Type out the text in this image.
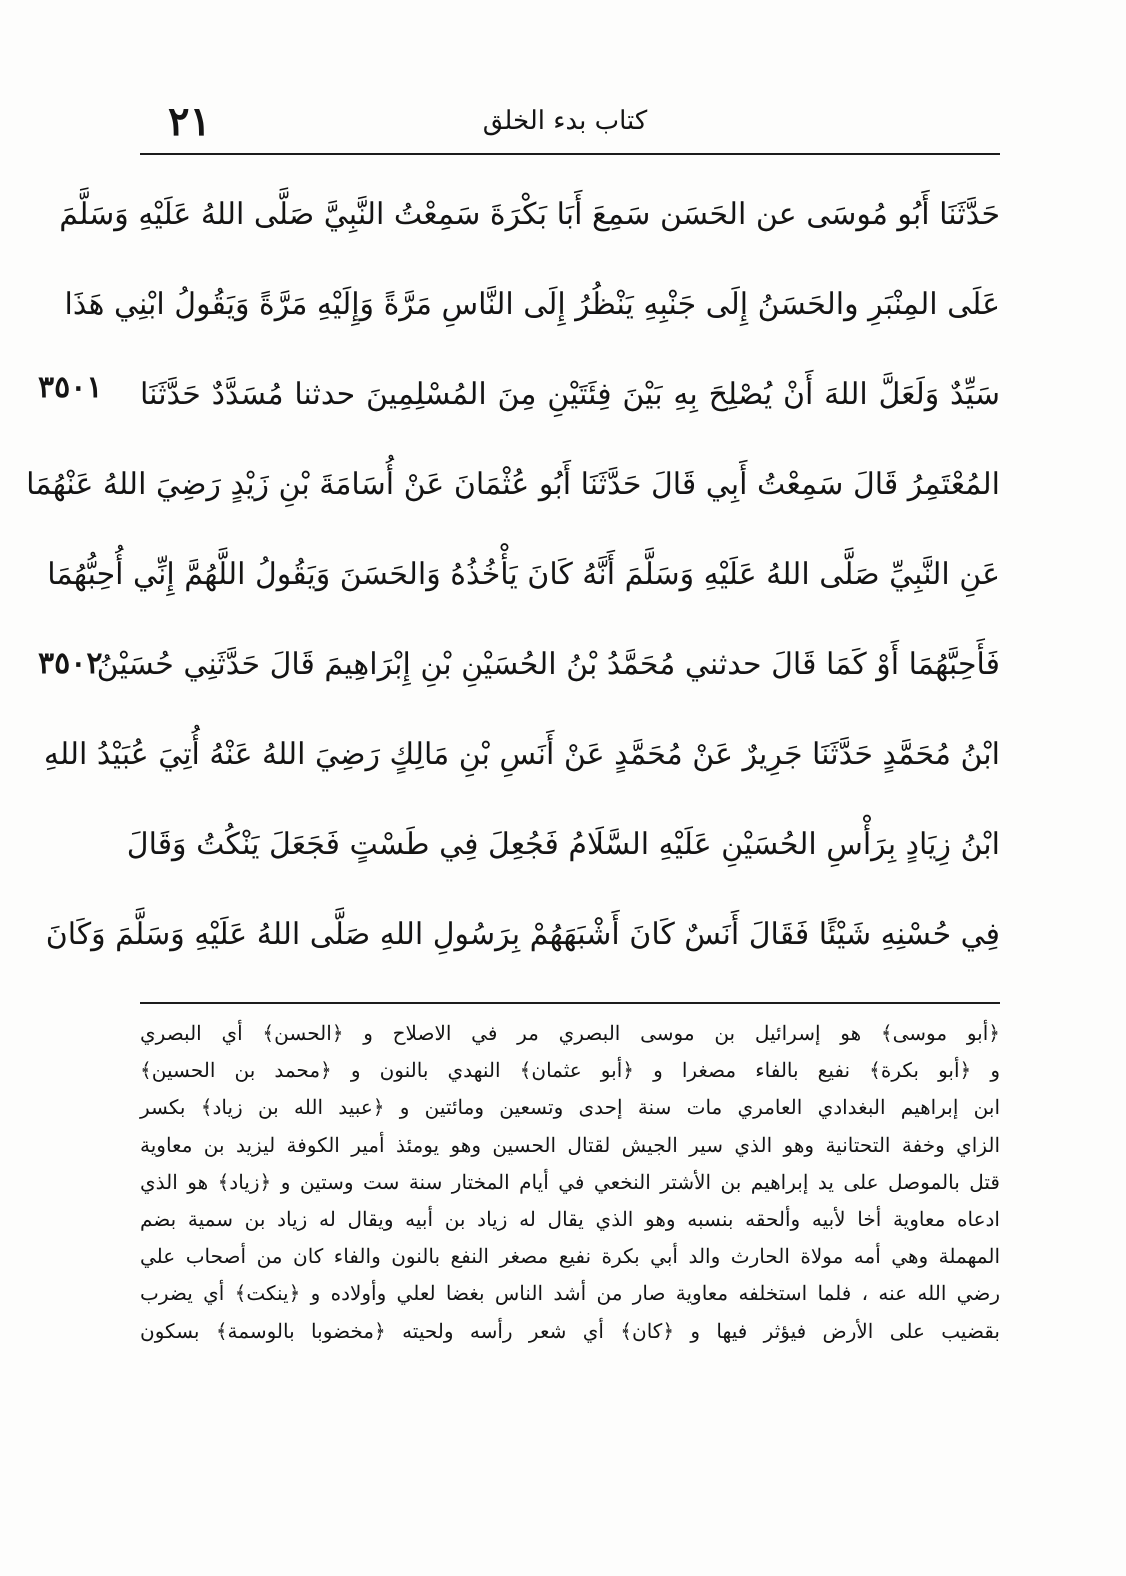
٢١	كتاب بدء الخلق
حَدَّثَنَا أَبُو مُوسَى عن الحَسَن سَمِعَ أَبَا بَكْرَةَ سَمِعْتُ النَّبِيَّ صَلَّى اللهُ عَلَيْهِ وَسَلَّمَ
عَلَى المِنْبَرِ والحَسَنُ إِلَى جَنْبِهِ يَنْظُرُ إِلَى النَّاسِ مَرَّةً وَإِلَيْهِ مَرَّةً وَيَقُولُ ابْنِي هَذَا
سَيِّدٌ وَلَعَلَّ اللهَ أَنْ يُصْلِحَ بِهِ بَيْنَ فِئَتَيْنِ مِنَ المُسْلِمِينَ حدثنا مُسَدَّدٌ حَدَّثَنَا
المُعْتَمِرُ قَالَ سَمِعْتُ أَبِي قَالَ حَدَّثَنَا أَبُو عُثْمَانَ عَنْ أُسَامَةَ بْنِ زَيْدٍ رَضِيَ اللهُ عَنْهُمَا
عَنِ النَّبِيِّ صَلَّى اللهُ عَلَيْهِ وَسَلَّمَ أَنَّهُ كَانَ يَأْخُذُهُ وَالحَسَنَ وَيَقُولُ اللَّهُمَّ إِنِّي أُحِبُّهُمَا
فَأَحِبَّهُمَا أَوْ كَمَا قَالَ حدثني مُحَمَّدُ بْنُ الحُسَيْنِ بْنِ إِبْرَاهِيمَ قَالَ حَدَّثَنِي حُسَيْنُ
ابْنُ مُحَمَّدٍ حَدَّثَنَا جَرِيرٌ عَنْ مُحَمَّدٍ عَنْ أَنَسِ بْنِ مَالِكٍ رَضِيَ اللهُ عَنْهُ أُتِيَ عُبَيْدُ اللهِ
ابْنُ زِيَادٍ بِرَأْسِ الحُسَيْنِ عَلَيْهِ السَّلَامُ فَجُعِلَ فِي طَسْتٍ فَجَعَلَ يَنْكُتُ وَقَالَ
فِي حُسْنِهِ شَيْئًا فَقَالَ أَنَسٌ كَانَ أَشْبَهَهُمْ بِرَسُولِ اللهِ صَلَّى اللهُ عَلَيْهِ وَسَلَّمَ وَكَانَ
٣٥٠١
٣٥٠٢
﴿أبو موسى﴾ هو إسرائيل بن موسى البصري مر في الاصلاح و ﴿الحسن﴾ أي البصري
و ﴿أبو بكرة﴾ نفيع بالفاء مصغرا و ﴿أبو عثمان﴾ النهدي بالنون و ﴿محمد بن الحسين﴾
ابن إبراهيم البغدادي العامري مات سنة إحدى وتسعين ومائتين و ﴿عبيد الله بن زياد﴾ بكسر
الزاي وخفة التحتانية وهو الذي سير الجيش لقتال الحسين وهو يومئذ أمير الكوفة ليزيد بن معاوية
قتل بالموصل على يد إبراهيم بن الأشتر النخعي في أيام المختار سنة ست وستين و ﴿زياد﴾ هو الذي
ادعاه معاوية أخا لأبيه وألحقه بنسبه وهو الذي يقال له زياد بن أبيه ويقال له زياد بن سمية بضم
المهملة وهي أمه مولاة الحارث والد أبي بكرة نفيع مصغر النفع بالنون والفاء كان من أصحاب علي
رضي الله عنه ، فلما استخلفه معاوية صار من أشد الناس بغضا لعلي وأولاده و ﴿ينكت﴾ أي يضرب
بقضيب على الأرض فيؤثر فيها و ﴿كان﴾ أي شعر رأسه ولحيته ﴿مخضوبا بالوسمة﴾ بسكون
